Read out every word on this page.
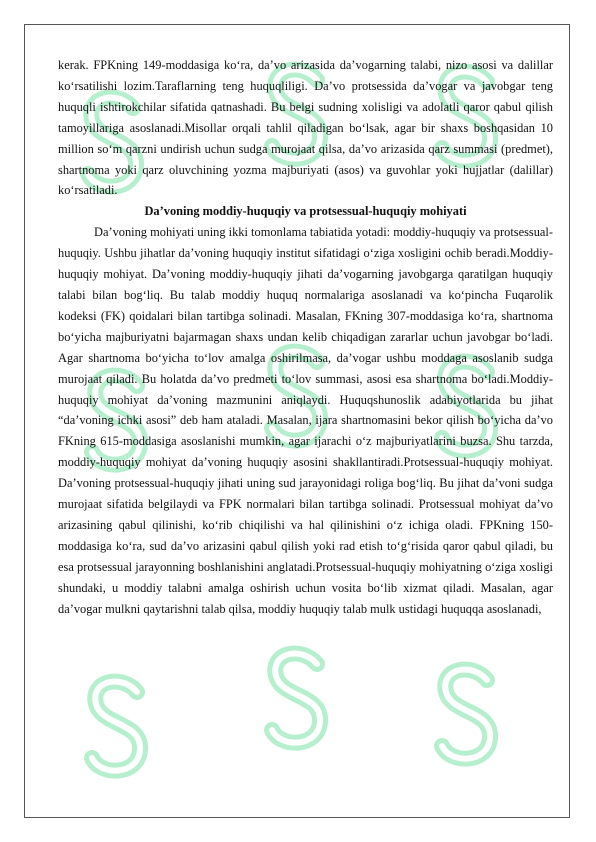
kerak. FPKning 149-moddasiga koʻra, daʼvo arizasida daʼvogarning talabi, nizo asosi va dalillar koʻrsatilishi lozim.Taraflarning teng huquqliligi. Daʼvo protsessida daʼvogar va javobgar teng huquqli ishtirokchilar sifatida qatnashadi. Bu belgi sudning xolisligi va adolatli qaror qabul qilish tamoyillariga asoslanadi.Misollar orqali tahlil qiladigan boʻlsak, agar bir shaxs boshqasidan 10 million soʻm qarzni undirish uchun sudga murojaat qilsa, daʼvo arizasida qarz summasi (predmet), shartnoma yoki qarz oluvchining yozma majburiyati (asos) va guvohlar yoki hujjatlar (dalillar) koʻrsatiladi.

Daʼvoning moddiy-huquqiy va protsessual-huquqiy mohiyati

Daʼvoning mohiyati uning ikki tomonlama tabiatida yotadi: moddiy-huquqiy va protsessual-huquqiy. Ushbu jihatlar daʼvoning huquqiy institut sifatidagi oʻziga xosligini ochib beradi.Moddiy-huquqiy mohiyat. Daʼvoning moddiy-huquqiy jihati daʼvogarning javobgarga qaratilgan huquqiy talabi bilan bogʻliq. Bu talab moddiy huquq normalariga asoslanadi va koʻpincha Fuqarolik kodeksi (FK) qoidalari bilan tartibga solinadi. Masalan, FKning 307-moddasiga koʻra, shartnoma boʻyicha majburiyatni bajarmagan shaxs undan kelib chiqadigan zararlar uchun javobgar boʻladi. Agar shartnoma boʻyicha toʻlov amalga oshirilmasa, daʼvogar ushbu moddaga asoslanib sudga murojaat qiladi. Bu holatda daʼvo predmeti toʻlov summasi, asosi esa shartnoma boʻladi.Moddiy-huquqiy mohiyat daʼvoning mazmunini aniqlaydi. Huquqshunoslik adabiyotlarida bu jihat “daʼvoning ichki asosi” deb ham ataladi. Masalan, ijara shartnomasini bekor qilish boʻyicha daʼvo FKning 615-moddasiga asoslanishi mumkin, agar ijarachi oʻz majburiyatlarini buzsa. Shu tarzda, moddiy-huquqiy mohiyat daʼvoning huquqiy asosini shakllantiradi.Protsessual-huquqiy mohiyat. Daʼvoning protsessual-huquqiy jihati uning sud jarayonidagi roliga bogʻliq. Bu jihat daʼvoni sudga murojaat sifatida belgilaydi va FPK normalari bilan tartibga solinadi. Protsessual mohiyat daʼvo arizasining qabul qilinishi, koʻrib chiqilishi va hal qilinishini oʻz ichiga oladi. FPKning 150-moddasiga koʻra, sud daʼvo arizasini qabul qilish yoki rad etish toʻgʻrisida qaror qabul qiladi, bu esa protsessual jarayonning boshlanishini anglatadi.Protsessual-huquqiy mohiyatning oʻziga xosligi shundaki, u moddiy talabni amalga oshirish uchun vosita boʻlib xizmat qiladi. Masalan, agar daʼvogar mulkni qaytarishni talab qilsa, moddiy huquqiy talab mulk ustidagi huquqqa asoslanadi,
